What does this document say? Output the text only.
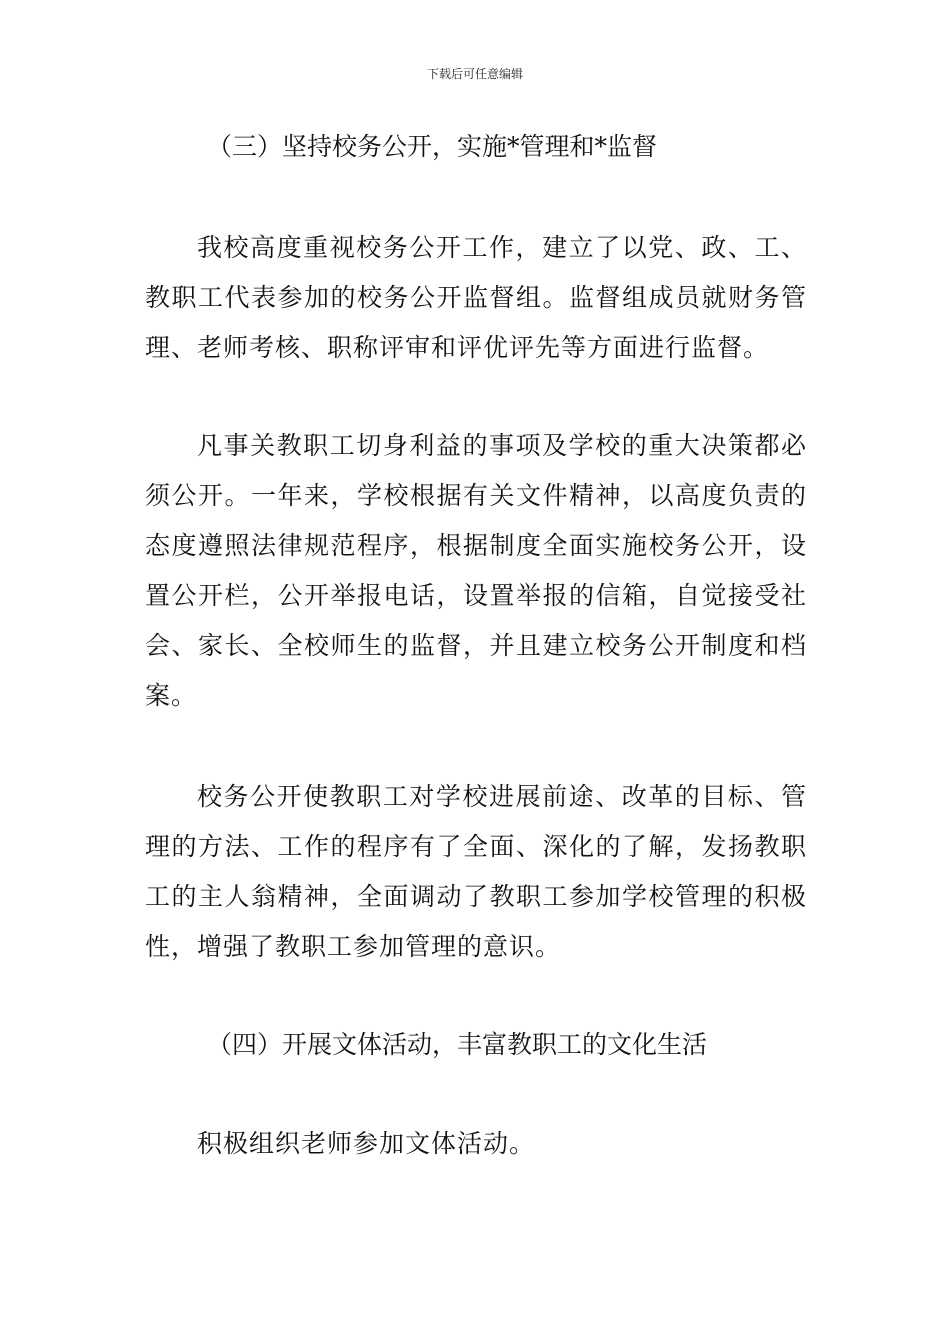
下载后可任意编辑
（三）坚持校务公开，实施*管理和*监督

我校高度重视校务公开工作，建立了以党、政、工、教职工代表参加的校务公开监督组。监督组成员就财务管理、老师考核、职称评审和评优评先等方面进行监督。

凡事关教职工切身利益的事项及学校的重大决策都必须公开。一年来，学校根据有关文件精神，以高度负责的态度遵照法律规范程序，根据制度全面实施校务公开，设置公开栏，公开举报电话，设置举报的信箱，自觉接受社会、家长、全校师生的监督，并且建立校务公开制度和档案。

校务公开使教职工对学校进展前途、改革的目标、管理的方法、工作的程序有了全面、深化的了解，发扬教职工的主人翁精神，全面调动了教职工参加学校管理的积极性，增强了教职工参加管理的意识。

（四）开展文体活动，丰富教职工的文化生活

积极组织老师参加文体活动。
